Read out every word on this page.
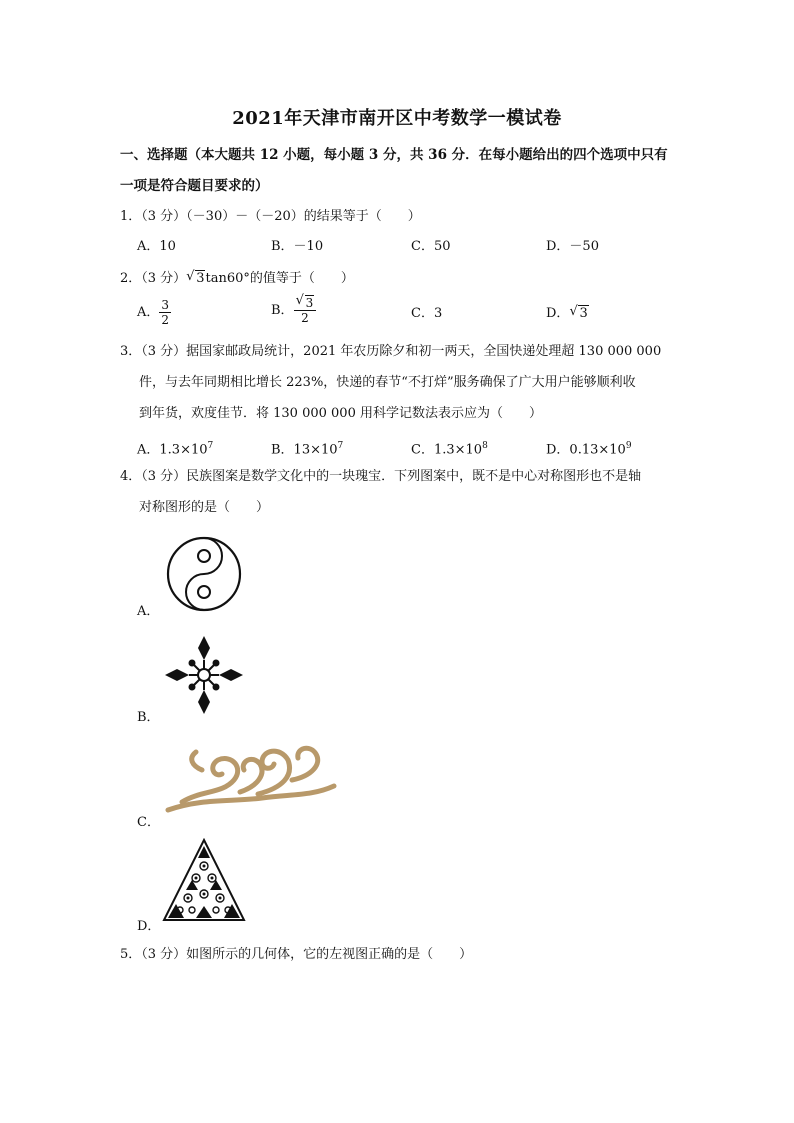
2021年天津市南开区中考数学一模试卷
一、选择题（本大题共 12 小题，每小题 3 分，共 36 分．在每小题给出的四个选项中只有
一项是符合题目要求的）
1．（3 分）（－30）－（－20）的结果等于（　　）
A．10	B．－10	C．50	D．－50
2．（3 分） √ 3tan60°的值等于（　　）
A． $\frac{3}{2}$	B． $\frac{√ 3}{2}$	C．3	D． √ 3
3．（3 分）据国家邮政局统计，2021 年农历除夕和初一两天，全国快递处理超 130 000 000
件，与去年同期相比增长 223%，快递的春节“不打烊”服务确保了广大用户能够顺利收
到年货，欢度佳节．将 130 000 000 用科学记数法表示应为（　　）
A．$1.3\times 10^7$	B．$13\times 10^7$	C．$1.3\times 10^8$	D．$0.13\times 10^9$
4．（3 分）民族图案是数学文化中的一块瑰宝．下列图案中，既不是中心对称图形也不是轴
对称图形的是（　　）
A．
B．
C．
D．
5．（3 分）如图所示的几何体，它的左视图正确的是（　　）
